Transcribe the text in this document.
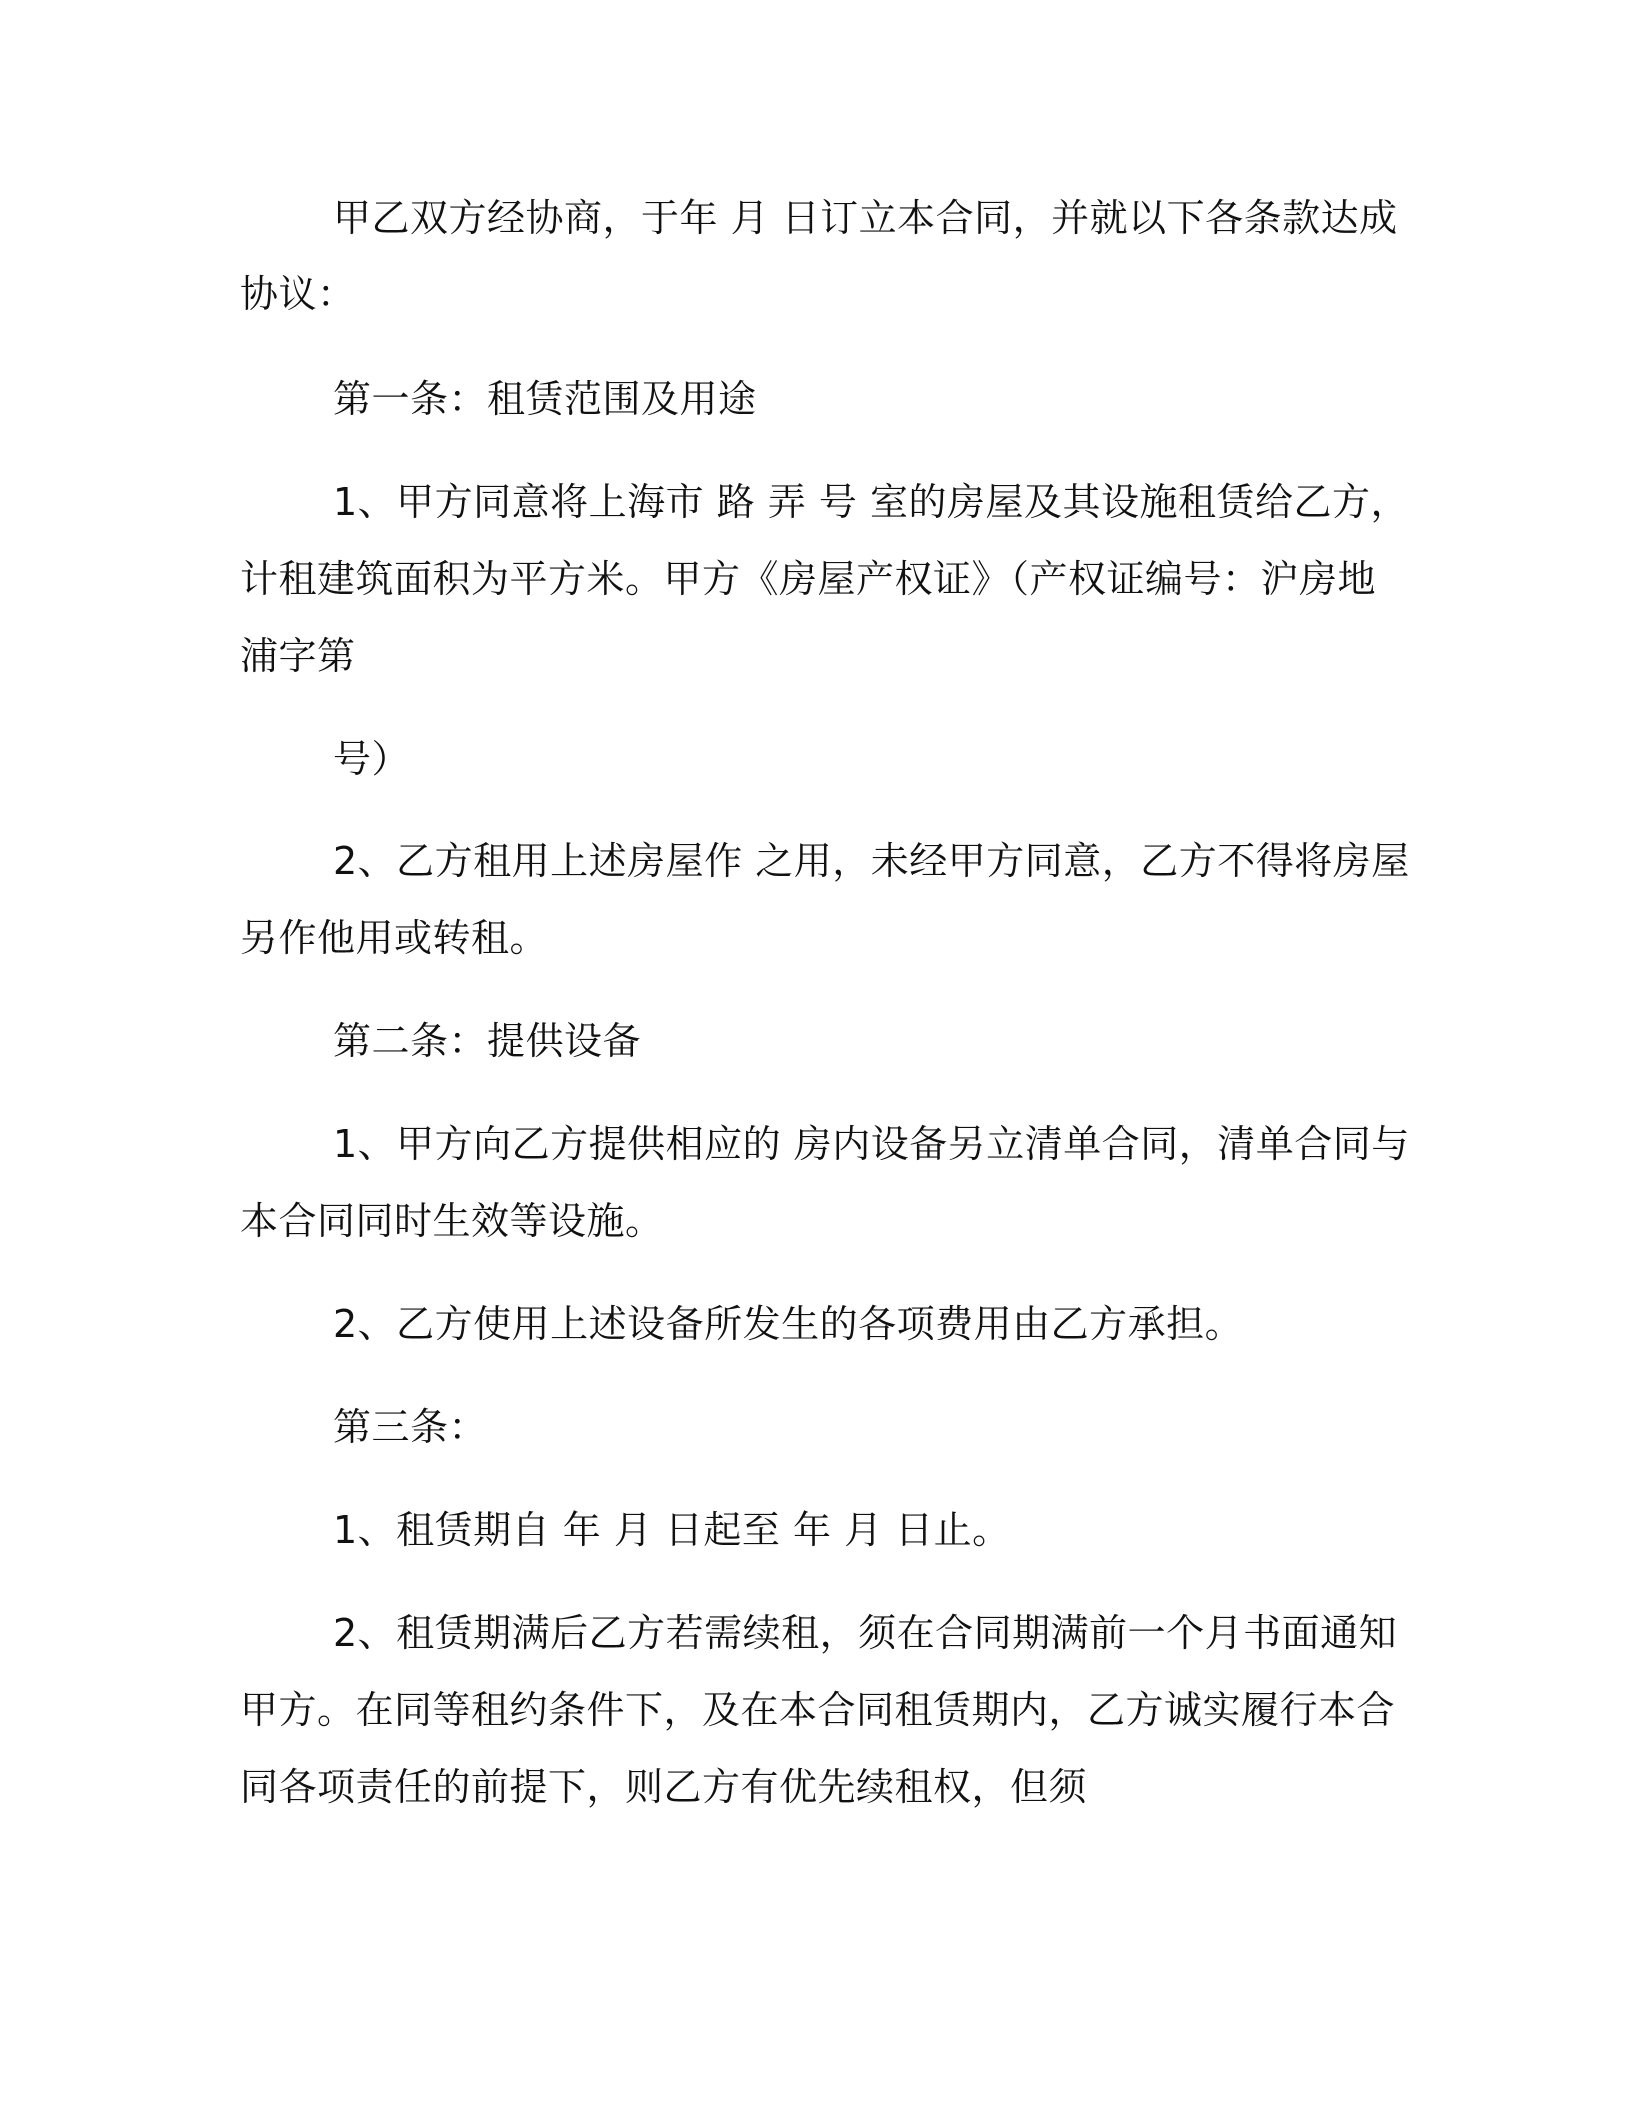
甲乙双方经协商，于年 月 日订立本合同，并就以下各条款达成
协议：
第一条：租赁范围及用途
1、甲方同意将上海市 路 弄 号 室的房屋及其设施租赁给乙方，
计租建筑面积为平方米。甲方《房屋产权证》（产权证编号：沪房地
浦字第
号）
2、乙方租用上述房屋作 之用，未经甲方同意，乙方不得将房屋
另作他用或转租。
第二条：提供设备
1、甲方向乙方提供相应的 房内设备另立清单合同，清单合同与
本合同同时生效等设施。
2、乙方使用上述设备所发生的各项费用由乙方承担。
第三条：
1、租赁期自 年 月 日起至 年 月 日止。
2、租赁期满后乙方若需续租，须在合同期满前一个月书面通知
甲方。在同等租约条件下，及在本合同租赁期内，乙方诚实履行本合
同各项责任的前提下，则乙方有优先续租权，但须
